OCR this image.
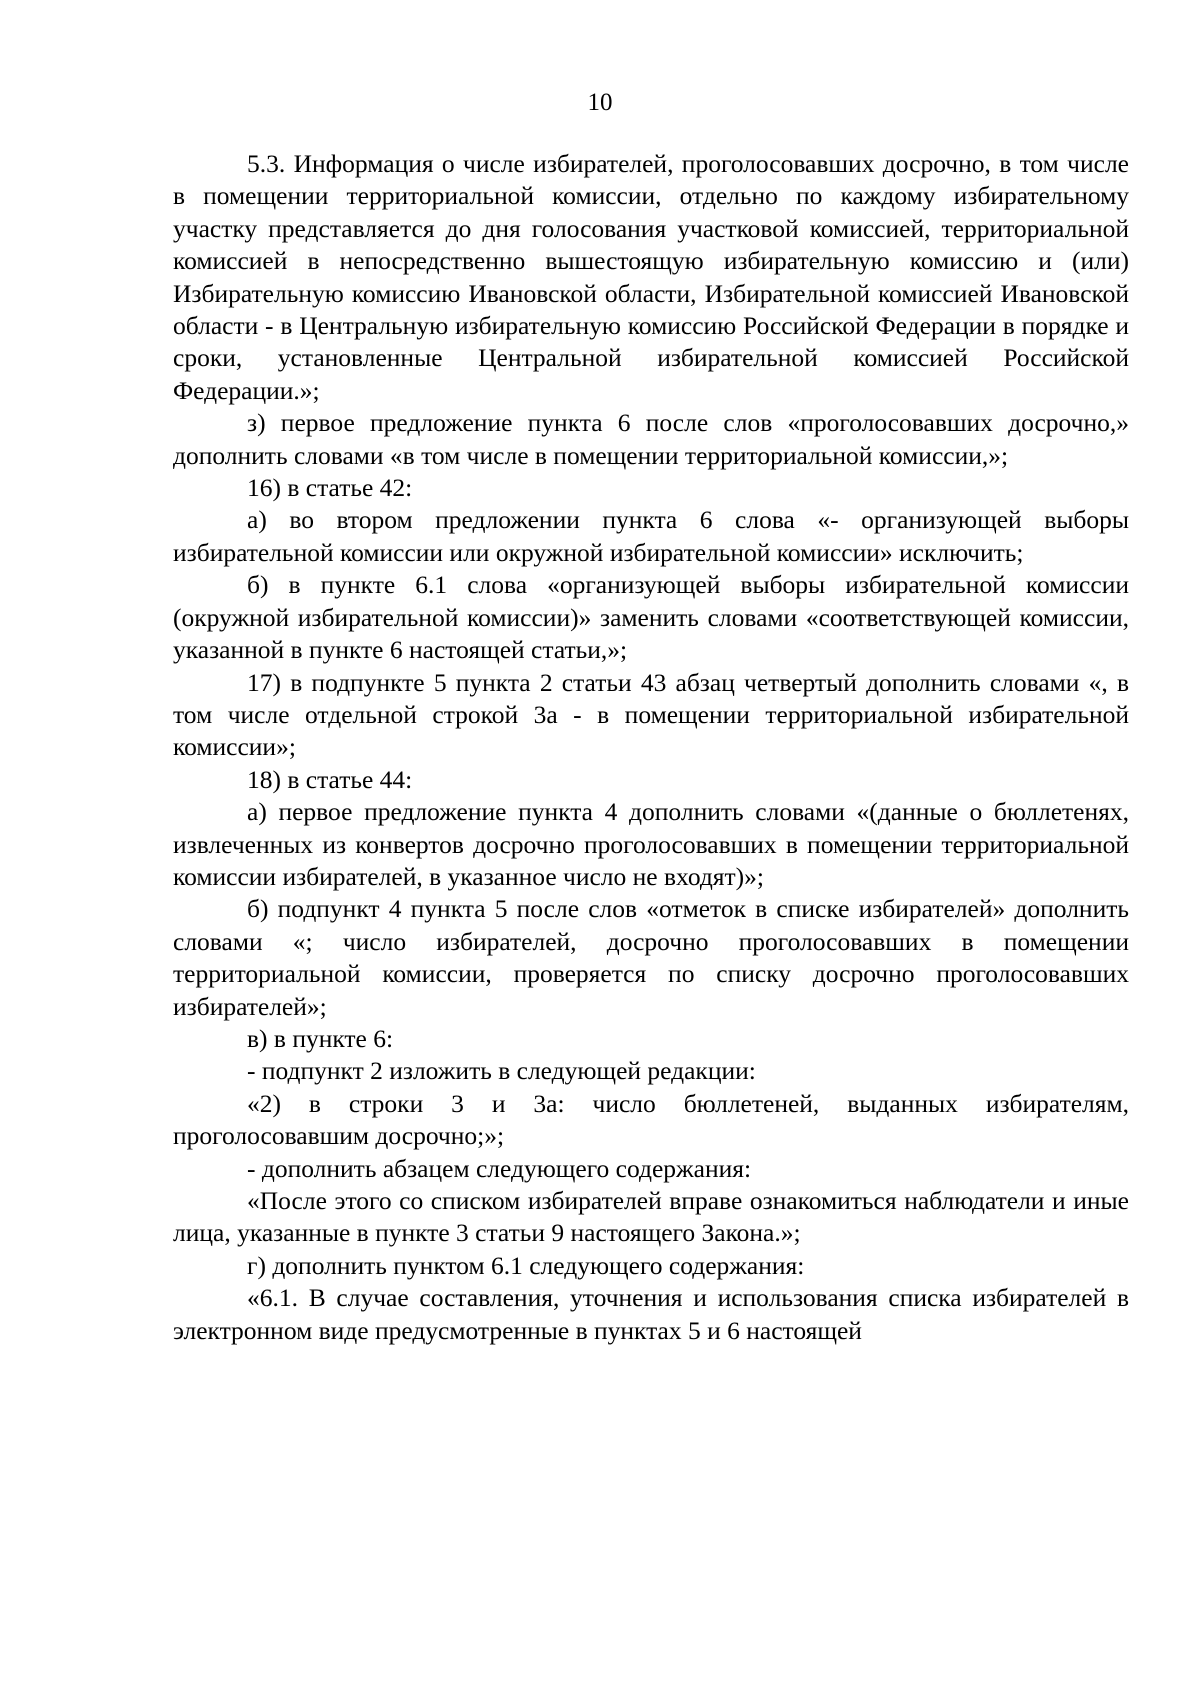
10

5.3. Информация о числе избирателей, проголосовавших досрочно, в том числе в помещении территориальной комиссии, отдельно по каждому избирательному участку представляется до дня голосования участковой комиссией, территориальной комиссией в непосредственно вышестоящую избирательную комиссию и (или) Избирательную комиссию Ивановской области, Избирательной комиссией Ивановской области - в Центральную избирательную комиссию Российской Федерации в порядке и сроки, установленные Центральной избирательной комиссией Российской Федерации.»;

з) первое предложение пункта 6 после слов «проголосовавших досрочно,» дополнить словами «в том числе в помещении территориальной комиссии,»;

16) в статье 42:

а) во втором предложении пункта 6 слова «- организующей выборы избирательной комиссии или окружной избирательной комиссии» исключить;

б) в пункте 6.1 слова «организующей выборы избирательной комиссии (окружной избирательной комиссии)» заменить словами «соответствующей комиссии, указанной в пункте 6 настоящей статьи,»;

17) в подпункте 5 пункта 2 статьи 43 абзац четвертый дополнить словами «, в том числе отдельной строкой 3а - в помещении территориальной избирательной комиссии»;

18) в статье 44:

а) первое предложение пункта 4 дополнить словами «(данные о бюллетенях, извлеченных из конвертов досрочно проголосовавших в помещении территориальной комиссии избирателей, в указанное число не входят)»;

б) подпункт 4 пункта 5 после слов «отметок в списке избирателей» дополнить словами «; число избирателей, досрочно проголосовавших в помещении территориальной комиссии, проверяется по списку досрочно проголосовавших избирателей»;

в) в пункте 6:

- подпункт 2 изложить в следующей редакции:

«2) в строки 3 и 3а: число бюллетеней, выданных избирателям, проголосовавшим досрочно;»;

- дополнить абзацем следующего содержания:

«После этого со списком избирателей вправе ознакомиться наблюдатели и иные лица, указанные в пункте 3 статьи 9 настоящего Закона.»;

г) дополнить пунктом 6.1 следующего содержания:

«6.1. В случае составления, уточнения и использования списка избирателей в электронном виде предусмотренные в пунктах 5 и 6 настоящей
